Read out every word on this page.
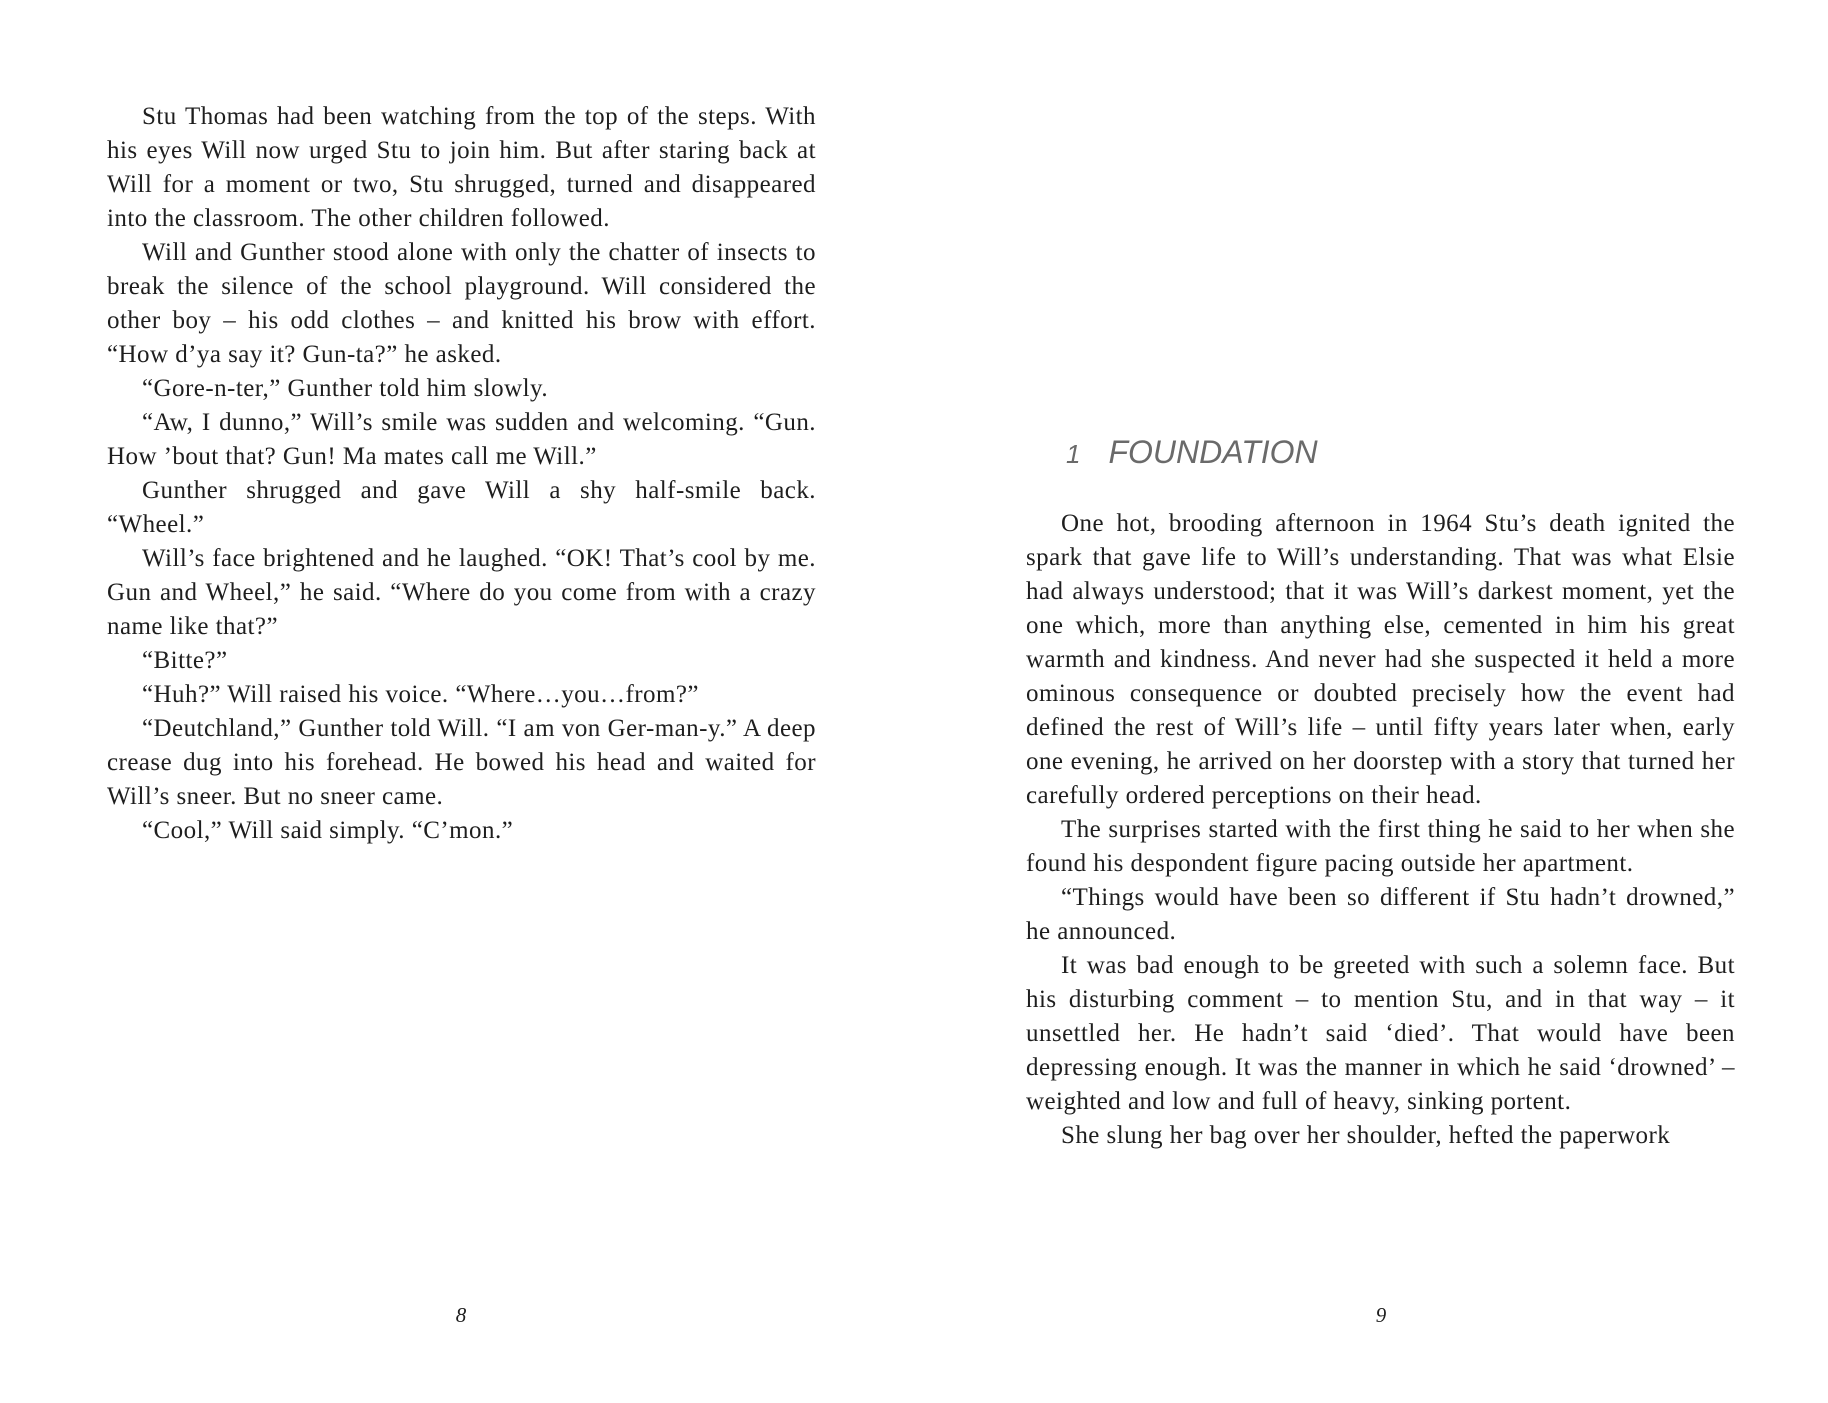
Stu Thomas had been watching from the top of the steps. With his eyes Will now urged Stu to join him. But after staring back at Will for a moment or two, Stu shrugged, turned and disappeared into the classroom. The other children followed.

Will and Gunther stood alone with only the chatter of insects to break the silence of the school playground. Will considered the other boy – his odd clothes – and knitted his brow with effort. “How d’ya say it? Gun-ta?” he asked.

“Gore-n-ter,” Gunther told him slowly.

“Aw, I dunno,” Will’s smile was sudden and welcoming. “Gun. How ’bout that? Gun! Ma mates call me Will.”

Gunther shrugged and gave Will a shy half-smile back. “Wheel.”

Will’s face brightened and he laughed. “OK! That’s cool by me. Gun and Wheel,” he said. “Where do you come from with a crazy name like that?”

“Bitte?”

“Huh?” Will raised his voice. “Where…you…from?”

“Deutchland,” Gunther told Will. “I am von Ger-man-y.” A deep crease dug into his forehead. He bowed his head and waited for Will’s sneer. But no sneer came.

“Cool,” Will said simply. “C’mon.”

8
1 FOUNDATION

One hot, brooding afternoon in 1964 Stu’s death ignited the spark that gave life to Will’s understanding. That was what Elsie had always understood; that it was Will’s darkest moment, yet the one which, more than anything else, cemented in him his great warmth and kindness. And never had she suspected it held a more ominous consequence or doubted precisely how the event had defined the rest of Will’s life – until fifty years later when, early one evening, he arrived on her doorstep with a story that turned her carefully ordered perceptions on their head.

The surprises started with the first thing he said to her when she found his despondent figure pacing outside her apartment.

“Things would have been so different if Stu hadn’t drowned,” he announced.

It was bad enough to be greeted with such a solemn face. But his disturbing comment – to mention Stu, and in that way – it unsettled her. He hadn’t said ‘died’. That would have been depressing enough. It was the manner in which he said ‘drowned’ – weighted and low and full of heavy, sinking portent.

She slung her bag over her shoulder, hefted the paperwork

9
